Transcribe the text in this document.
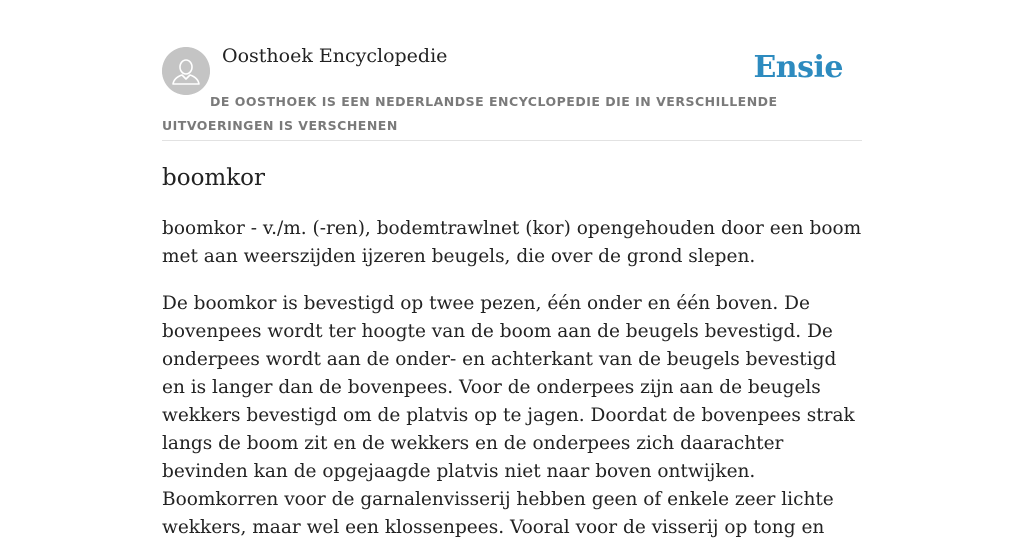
Oosthoek Encyclopedie	Ensie
DE OOSTHOEK IS EEN NEDERLANDSE ENCYCLOPEDIE DIE IN VERSCHILLENDE UITVOERINGEN IS VERSCHENEN
boomkor

boomkor - v./m. (-ren), bodemtrawlnet (kor) opengehouden door een boom met aan weerszijden ijzeren beugels, die over de grond slepen.

De boomkor is bevestigd op twee pezen, één onder en één boven. De bovenpees wordt ter hoogte van de boom aan de beugels bevestigd. De onderpees wordt aan de onder- en achterkant van de beugels bevestigd en is langer dan de bovenpees. Voor de onderpees zijn aan de beugels wekkers bevestigd om de platvis op te jagen. Doordat de bovenpees strak langs de boom zit en de wekkers en de onderpees zich daarachter bevinden kan de opgejaagde platvis niet naar boven ontwijken. Boomkorren voor de garnalenvisserij hebben geen of enkele zeer lichte wekkers, maar wel een klossenpees. Vooral voor de visserij op tong en
